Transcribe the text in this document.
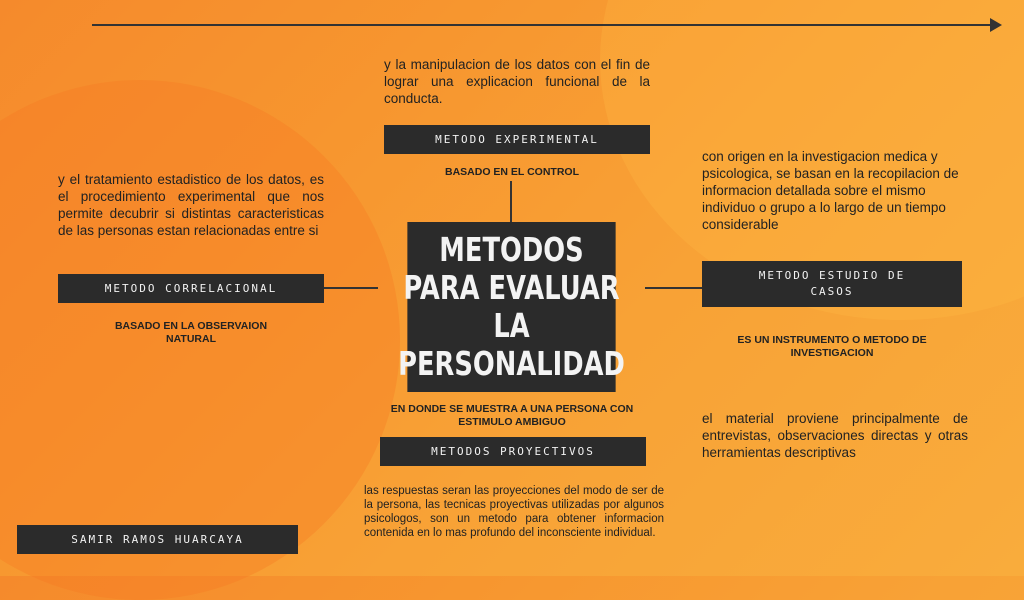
METODOS PARA EVALUAR LA PERSONALIDAD
y la manipulacion de los datos con el fin de lograr una explicacion funcional de la conducta.
METODO EXPERIMENTAL
BASADO EN EL CONTROL
y el tratamiento estadistico de los datos, es el procedimiento experimental que nos permite decubrir si distintas caracteristicas de las personas estan relacionadas entre si
METODO CORRELACIONAL
BASADO EN LA OBSERVAION NATURAL
con origen en la investigacion medica y psicologica, se basan en la recopilacion de informacion detallada sobre el mismo individuo o grupo a lo largo de un tiempo considerable
METODO ESTUDIO DE CASOS
ES UN INSTRUMENTO O METODO DE INVESTIGACION
el material proviene principalmente de entrevistas, observaciones directas y otras herramientas descriptivas
EN DONDE SE MUESTRA A UNA PERSONA CON ESTIMULO AMBIGUO
METODOS PROYECTIVOS
las respuestas seran las proyecciones del modo de ser de la persona, las tecnicas proyectivas utilizadas por algunos psicologos, son un metodo para obtener informacion contenida en lo mas profundo del inconsciente individual.
SAMIR RAMOS HUARCAYA
